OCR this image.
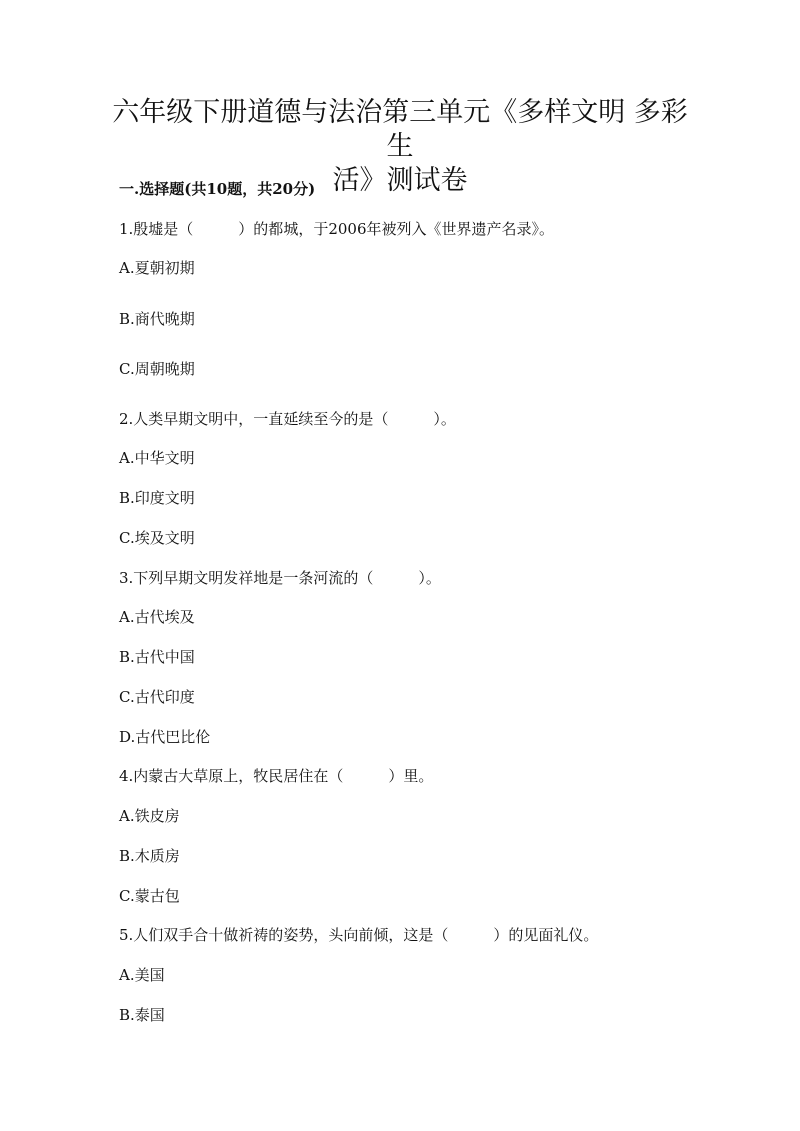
六年级下册道德与法治第三单元《多样文明 多彩生
活》测试卷
一.选择题(共10题，共20分)
1.殷墟是（　　　）的都城，于2006年被列入《世界遗产名录》。
A.夏朝初期
B.商代晚期
C.周朝晚期
2.人类早期文明中，一直延续至今的是（　　　）。
A.中华文明
B.印度文明
C.埃及文明
3.下列早期文明发祥地是一条河流的（　　　）。
A.古代埃及
B.古代中国
C.古代印度
D.古代巴比伦
4.内蒙古大草原上，牧民居住在（　　　）里。
A.铁皮房
B.木质房
C.蒙古包
5.人们双手合十做祈祷的姿势，头向前倾，这是（　　　）的见面礼仪。
A.美国
B.泰国
